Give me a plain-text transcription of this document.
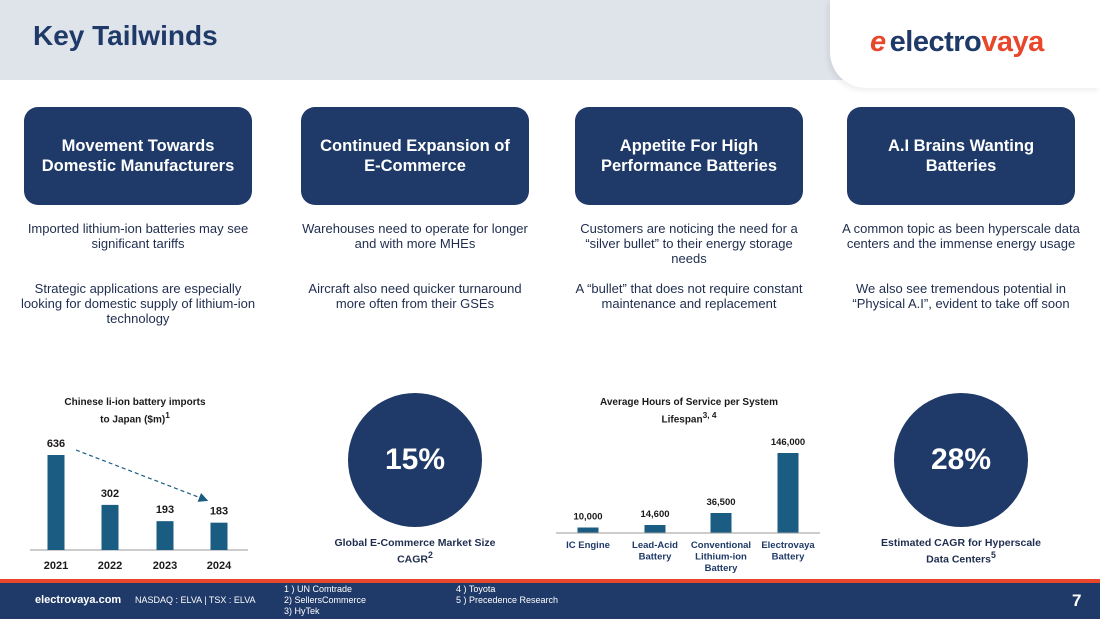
Key Tailwinds	e electrovaya
Movement Towards Domestic Manufacturers
Continued Expansion of E-Commerce
Appetite For High Performance Batteries
A.I Brains Wanting Batteries
Imported lithium-ion batteries may see significant tariffs
Strategic applications are especially looking for domestic supply of lithium-ion technology
Warehouses need to operate for longer and with more MHEs
Aircraft also need quicker turnaround more often from their GSEs
Customers are noticing the need for a “silver bullet” to their energy storage needs
A “bullet” that does not require constant maintenance and replacement
A common topic as been hyperscale data centers and the immense energy usage
We also see tremendous potential in “Physical A.I”, evident to take off soon
Chinese li-ion battery imports to Japan ($m)$^1$
Average Hours of Service per System Lifespan$^{3, 4}$
636
2021
302
2022
193
2023
183
2024
10,000
IC Engine
14,600
Lead-Acid
Battery
36,500
Conventional
Lithium-ion
Battery
146,000
Electrovaya
Battery
15%
Global E-Commerce Market Size CAGR$^2$
28%
Estimated CAGR for Hyperscale Data Centers$^5$
electrovaya.com NASDAQ : ELVA | TSX : ELVA
1 ) UN Comtrade
2) SellersCommerce
3) HyTek
4 ) Toyota
5 ) Precedence Research	7
